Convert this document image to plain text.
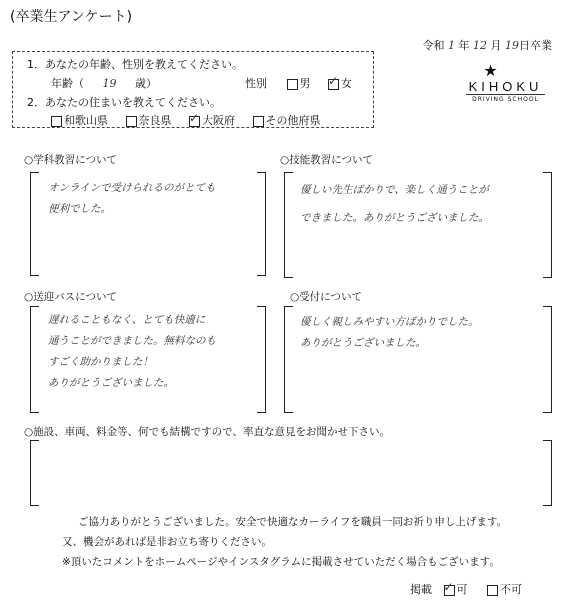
(卒業生アンケート)
令和 1 年 12 月 19日卒業
1．あなたの年齢、性別を教えてください。
年齢（ 19 歳）	性別	男 ✓	女
2．あなたの住まいを教えてください。
和歌山県	奈良県 ✓	大阪府	その他府県
★
KIHOKU
DRIVING SCHOOL
○学科教習について
オンラインで受けられるのがとても
便利でした。
○技能教習について
優しい先生ばかりで、楽しく通うことが
できました。ありがとうございました。
○送迎バスについて
遅れることもなく、とても快適に
通うことができました。無料なのも
すごく助かりました！
ありがとうございました。
○受付について
優しく親しみやすい方ばかりでした。
ありがとうございました。
○施設、車両、料金等、何でも結構ですので、率直な意見をお聞かせ下さい。
ご協力ありがとうございました。安全で快適なカーライフを職員一同お祈り申し上げます。
又、機会があれば是非お立ち寄りください。
※頂いたコメントをホームページやインスタグラムに掲載させていただく場合もございます。
掲載 ✓ 可	不可
